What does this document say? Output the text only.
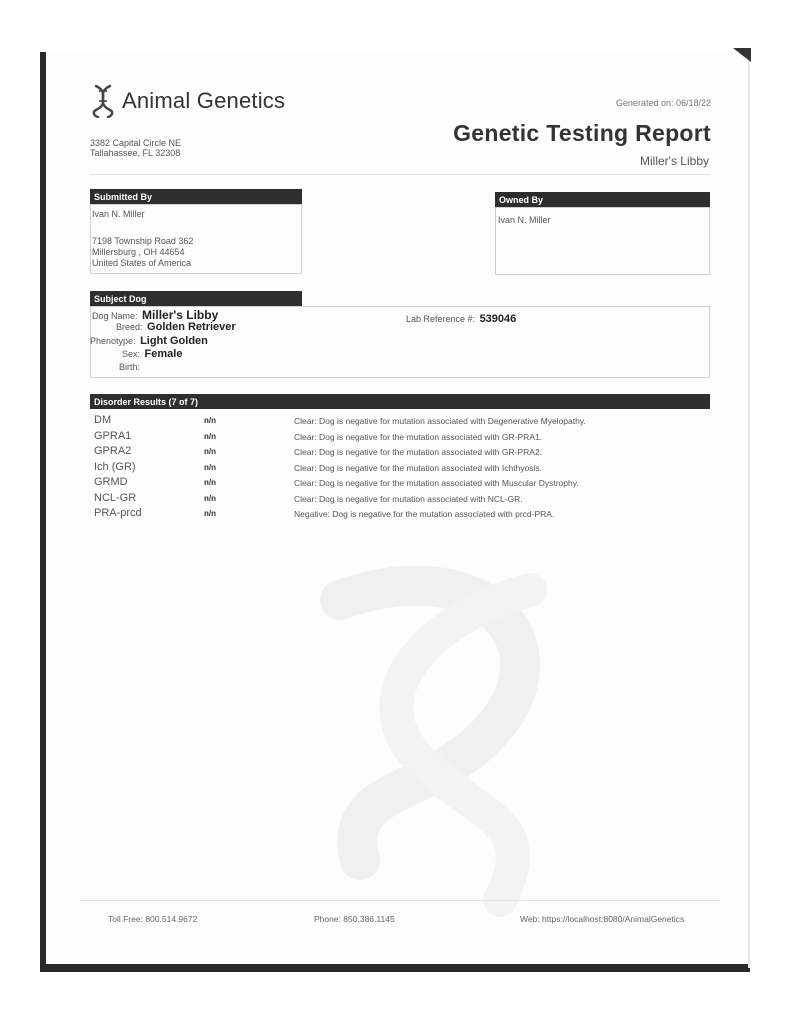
Animal Genetics
3382 Capital Circle NE
Tallahassee, FL 32308
Generated on: 06/18/22
Genetic Testing Report
Miller's Libby
Submitted By
Ivan N. Miller
7198 Township Road 362
Millersburg , OH 44654
United States of America
Owned By
Ivan N. Miller
Subject Dog
Dog Name: Miller's Libby
Breed: Golden Retriever
Phenotype: Light Golden
Sex: Female
Birth:
Lab Reference #: 539046
Disorder Results (7 of 7)
DM	n/n	Clear: Dog is negative for mutation associated with Degenerative Myelopathy.
GPRA1	n/n	Clear: Dog is negative for the mutation associated with GR-PRA1.
GPRA2	n/n	Clear: Dog is negative for the mutation associated with GR-PRA2.
Ich (GR)	n/n	Clear: Dog is negative for the mutation associated with Ichthyosis.
GRMD	n/n	Clear: Dog is negative for the mutation associated with Muscular Dystrophy.
NCL-GR	n/n	Clear: Dog is negative for mutation associated with NCL-GR.
PRA-prcd	n/n	Negative: Dog is negative for the mutation associated with prcd-PRA.
Toll Free: 800.514.9672	Phone: 850.386.1145	Web: https://localhost:8080/AnimalGenetics
